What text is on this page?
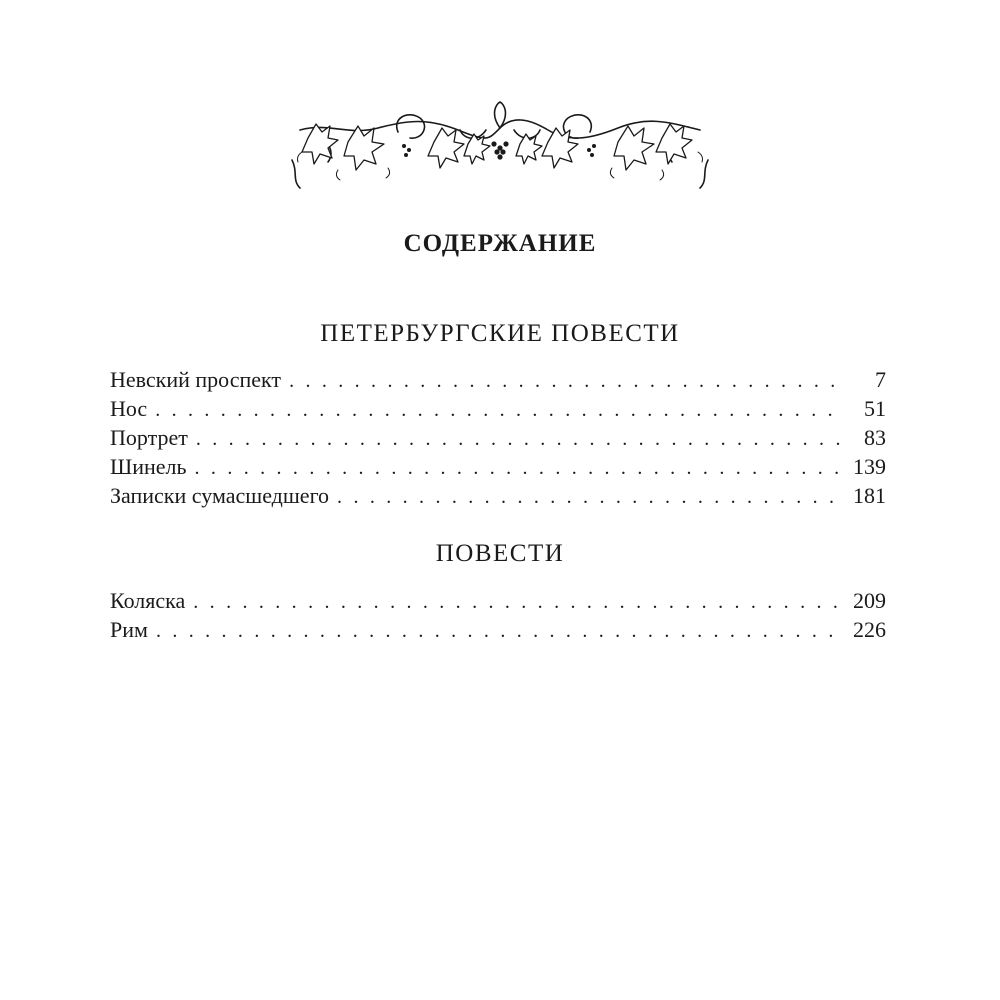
СОДЕРЖАНИЕ
ПЕТЕРБУРГСКИЕ ПОВЕСТИ
Невский проспект . . .	7
Нос . . .	51
Портрет . . .	83
Шинель . . .	139
Записки сумасшедшего . . .	181
ПОВЕСТИ
Коляска . . .	209
Рим . . .	226
